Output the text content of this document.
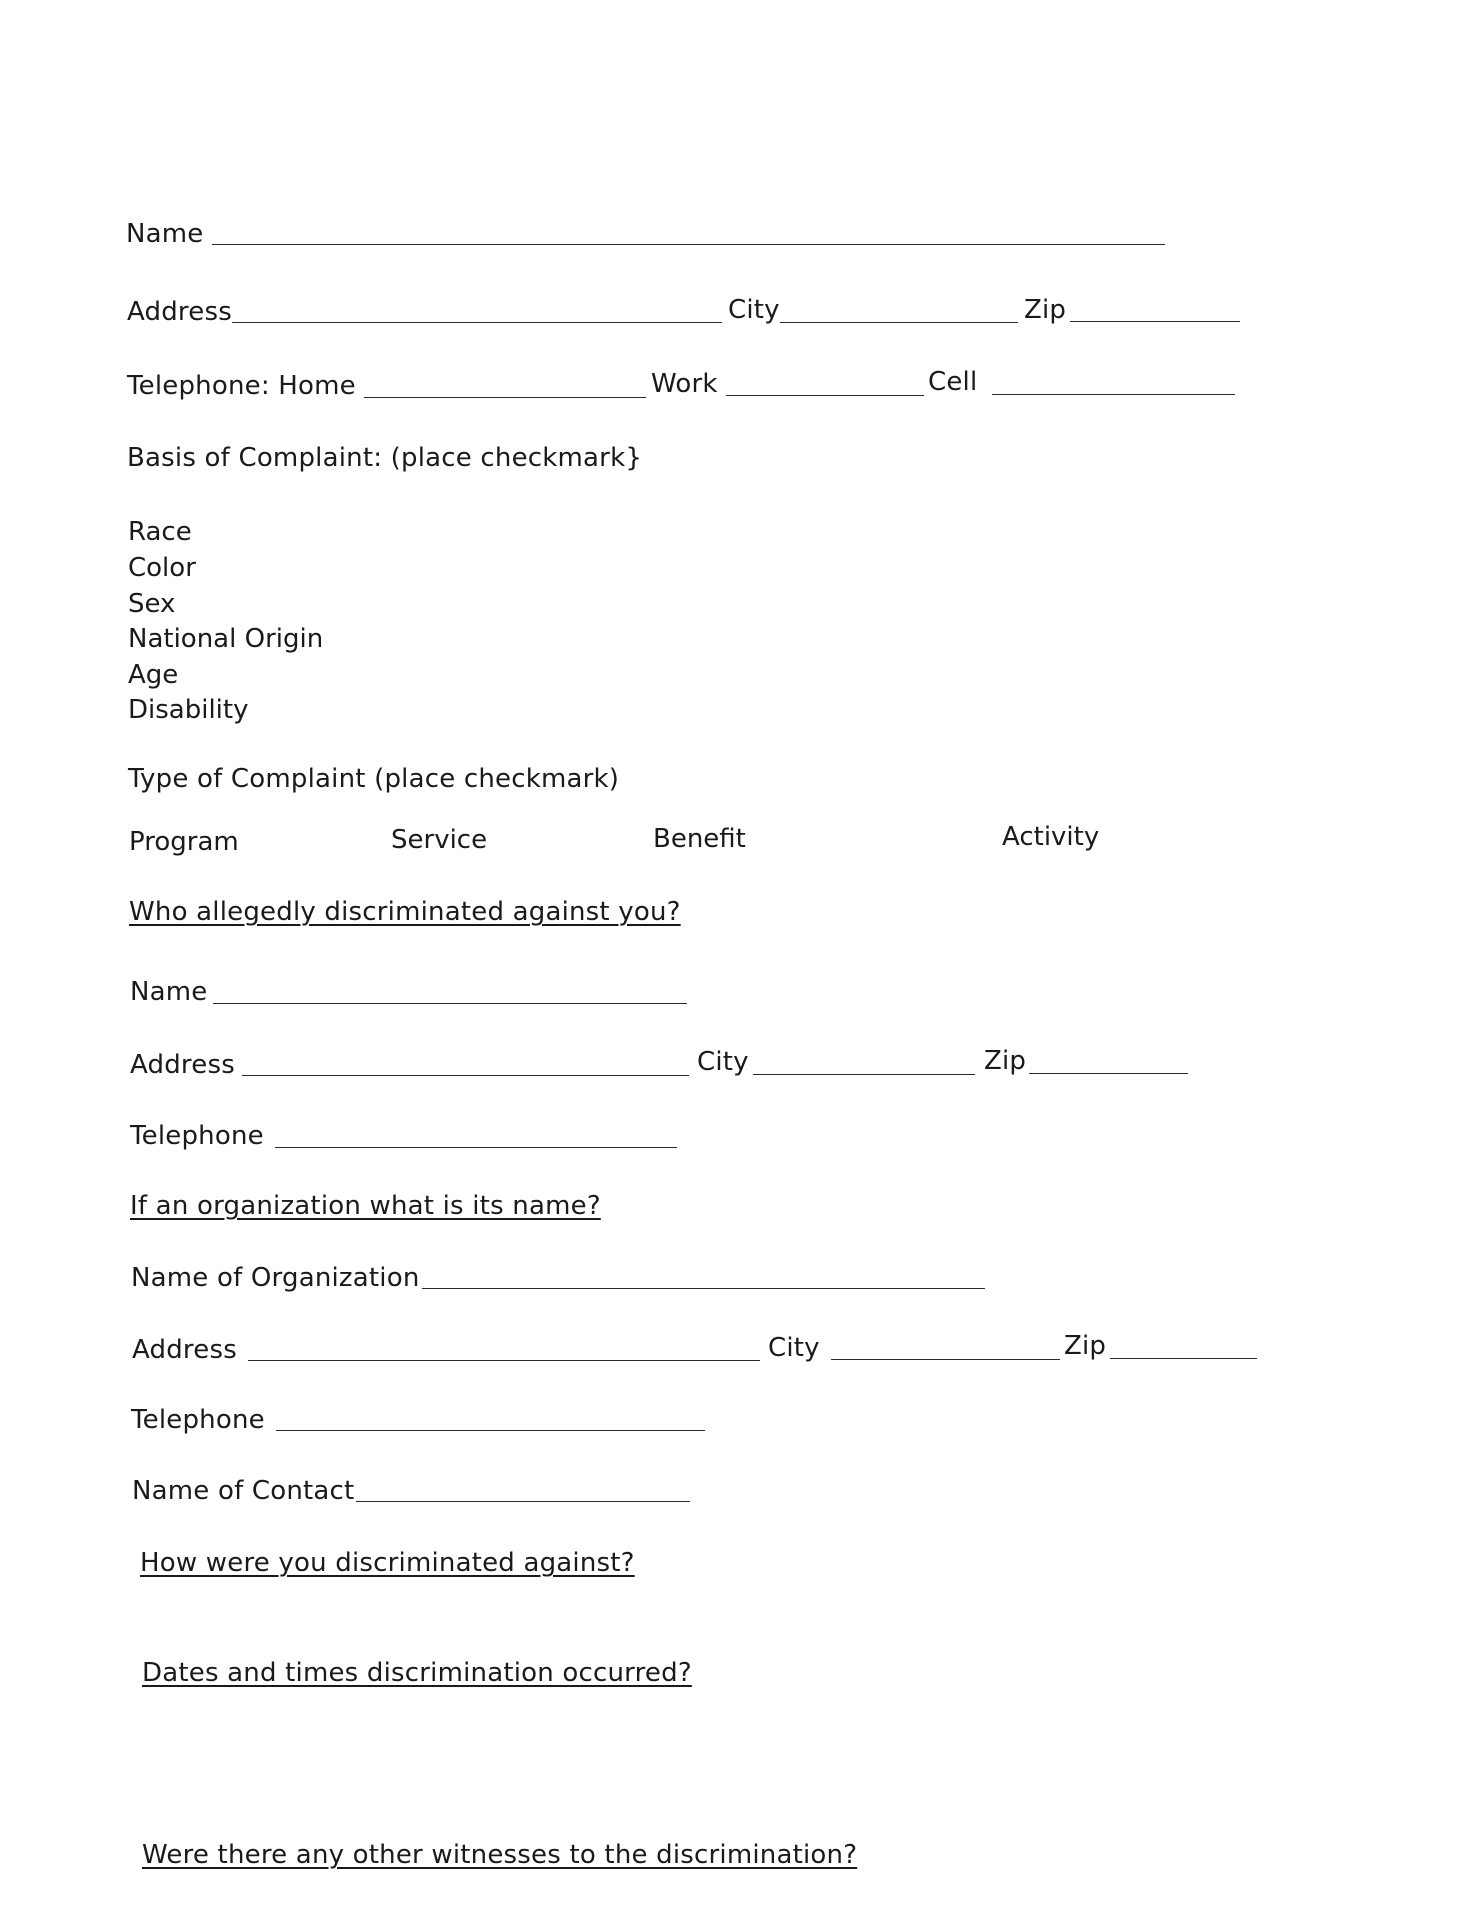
Name
Address	City	Zip
Telephone: Home	Work	Cell
Basis of Complaint: (place checkmark}
Race
Color
Sex
National Origin
Age
Disability
Type of Complaint (place checkmark)
Program	Service	Benefit	Activity
Who allegedly discriminated against you?
Name
Address	City	Zip
Telephone
If an organization what is its name?
Name of Organization
Address	City	Zip
Telephone
Name of Contact
How were you discriminated against?
Dates and times discrimination occurred?
Were there any other witnesses to the discrimination?
